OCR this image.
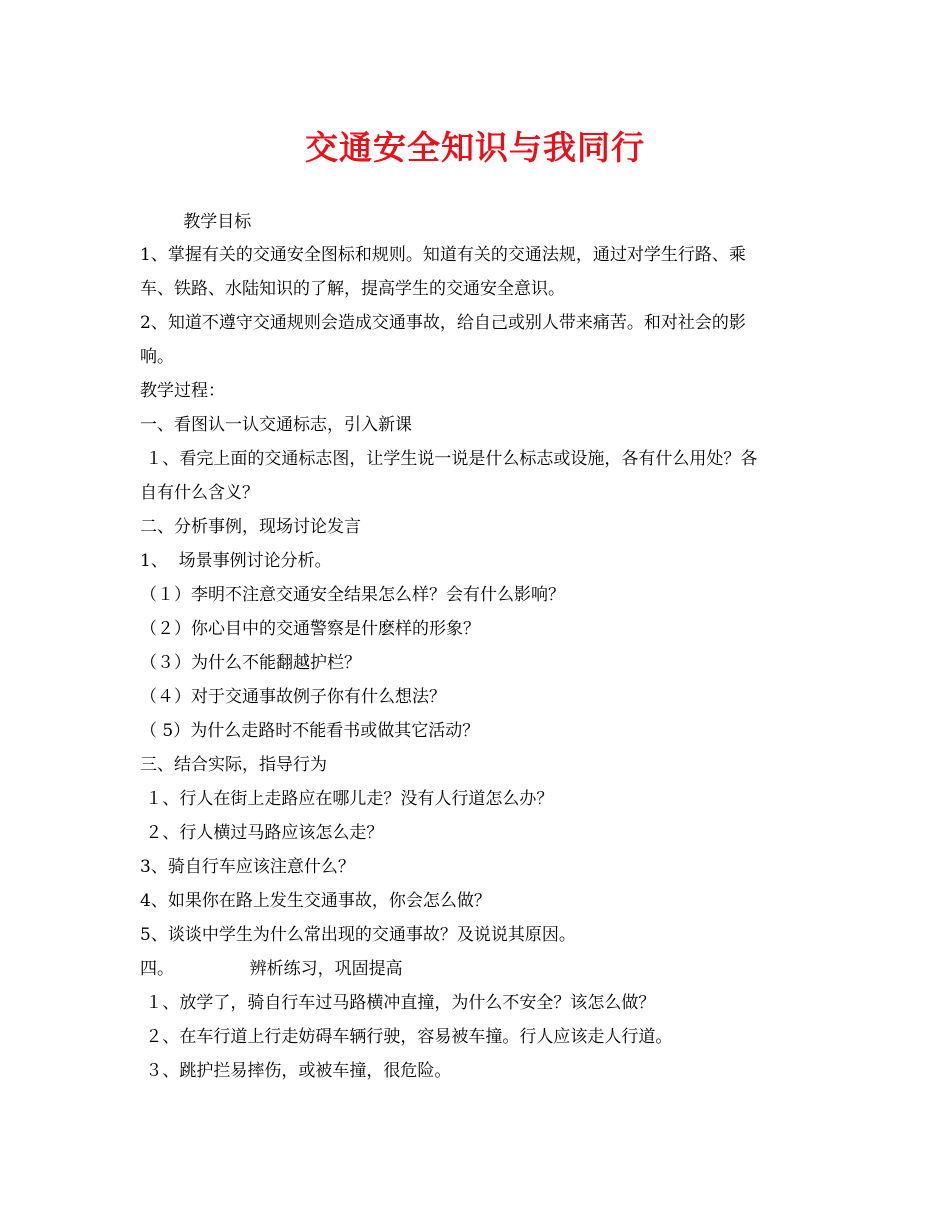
交通安全知识与我同行

教学目标

1、掌握有关的交通安全图标和规则。知道有关的交通法规，通过对学生行路、乘

车、铁路、水陆知识的了解，提高学生的交通安全意识。

2、知道不遵守交通规则会造成交通事故，给自己或别人带来痛苦。和对社会的影

响。

教学过程：

一、看图认一认交通标志，引入新课

１、看完上面的交通标志图，让学生说一说是什么标志或设施，各有什么用处？各

自有什么含义？

二、分析事例，现场讨论发言

1、  场景事例讨论分析。

（１）李明不注意交通安全结果怎么样？会有什么影响？

（２）你心目中的交通警察是什麽样的形象？

（３）为什么不能翻越护栏？

（４）对于交通事故例子你有什么想法？

（ 5）为什么走路时不能看书或做其它活动？

三、结合实际，指导行为

１、行人在街上走路应在哪儿走？没有人行道怎么办？

２、行人横过马路应该怎么走？

3、骑自行车应该注意什么？

4、如果你在路上发生交通事故，你会怎么做？

5、谈谈中学生为什么常出现的交通事故？及说说其原因。

四。              辨析练习，巩固提高

１、放学了，骑自行车过马路横冲直撞，为什么不安全？该怎么做？

２、在车行道上行走妨碍车辆行驶，容易被车撞。行人应该走人行道。

３、跳护拦易摔伤，或被车撞，很危险。
